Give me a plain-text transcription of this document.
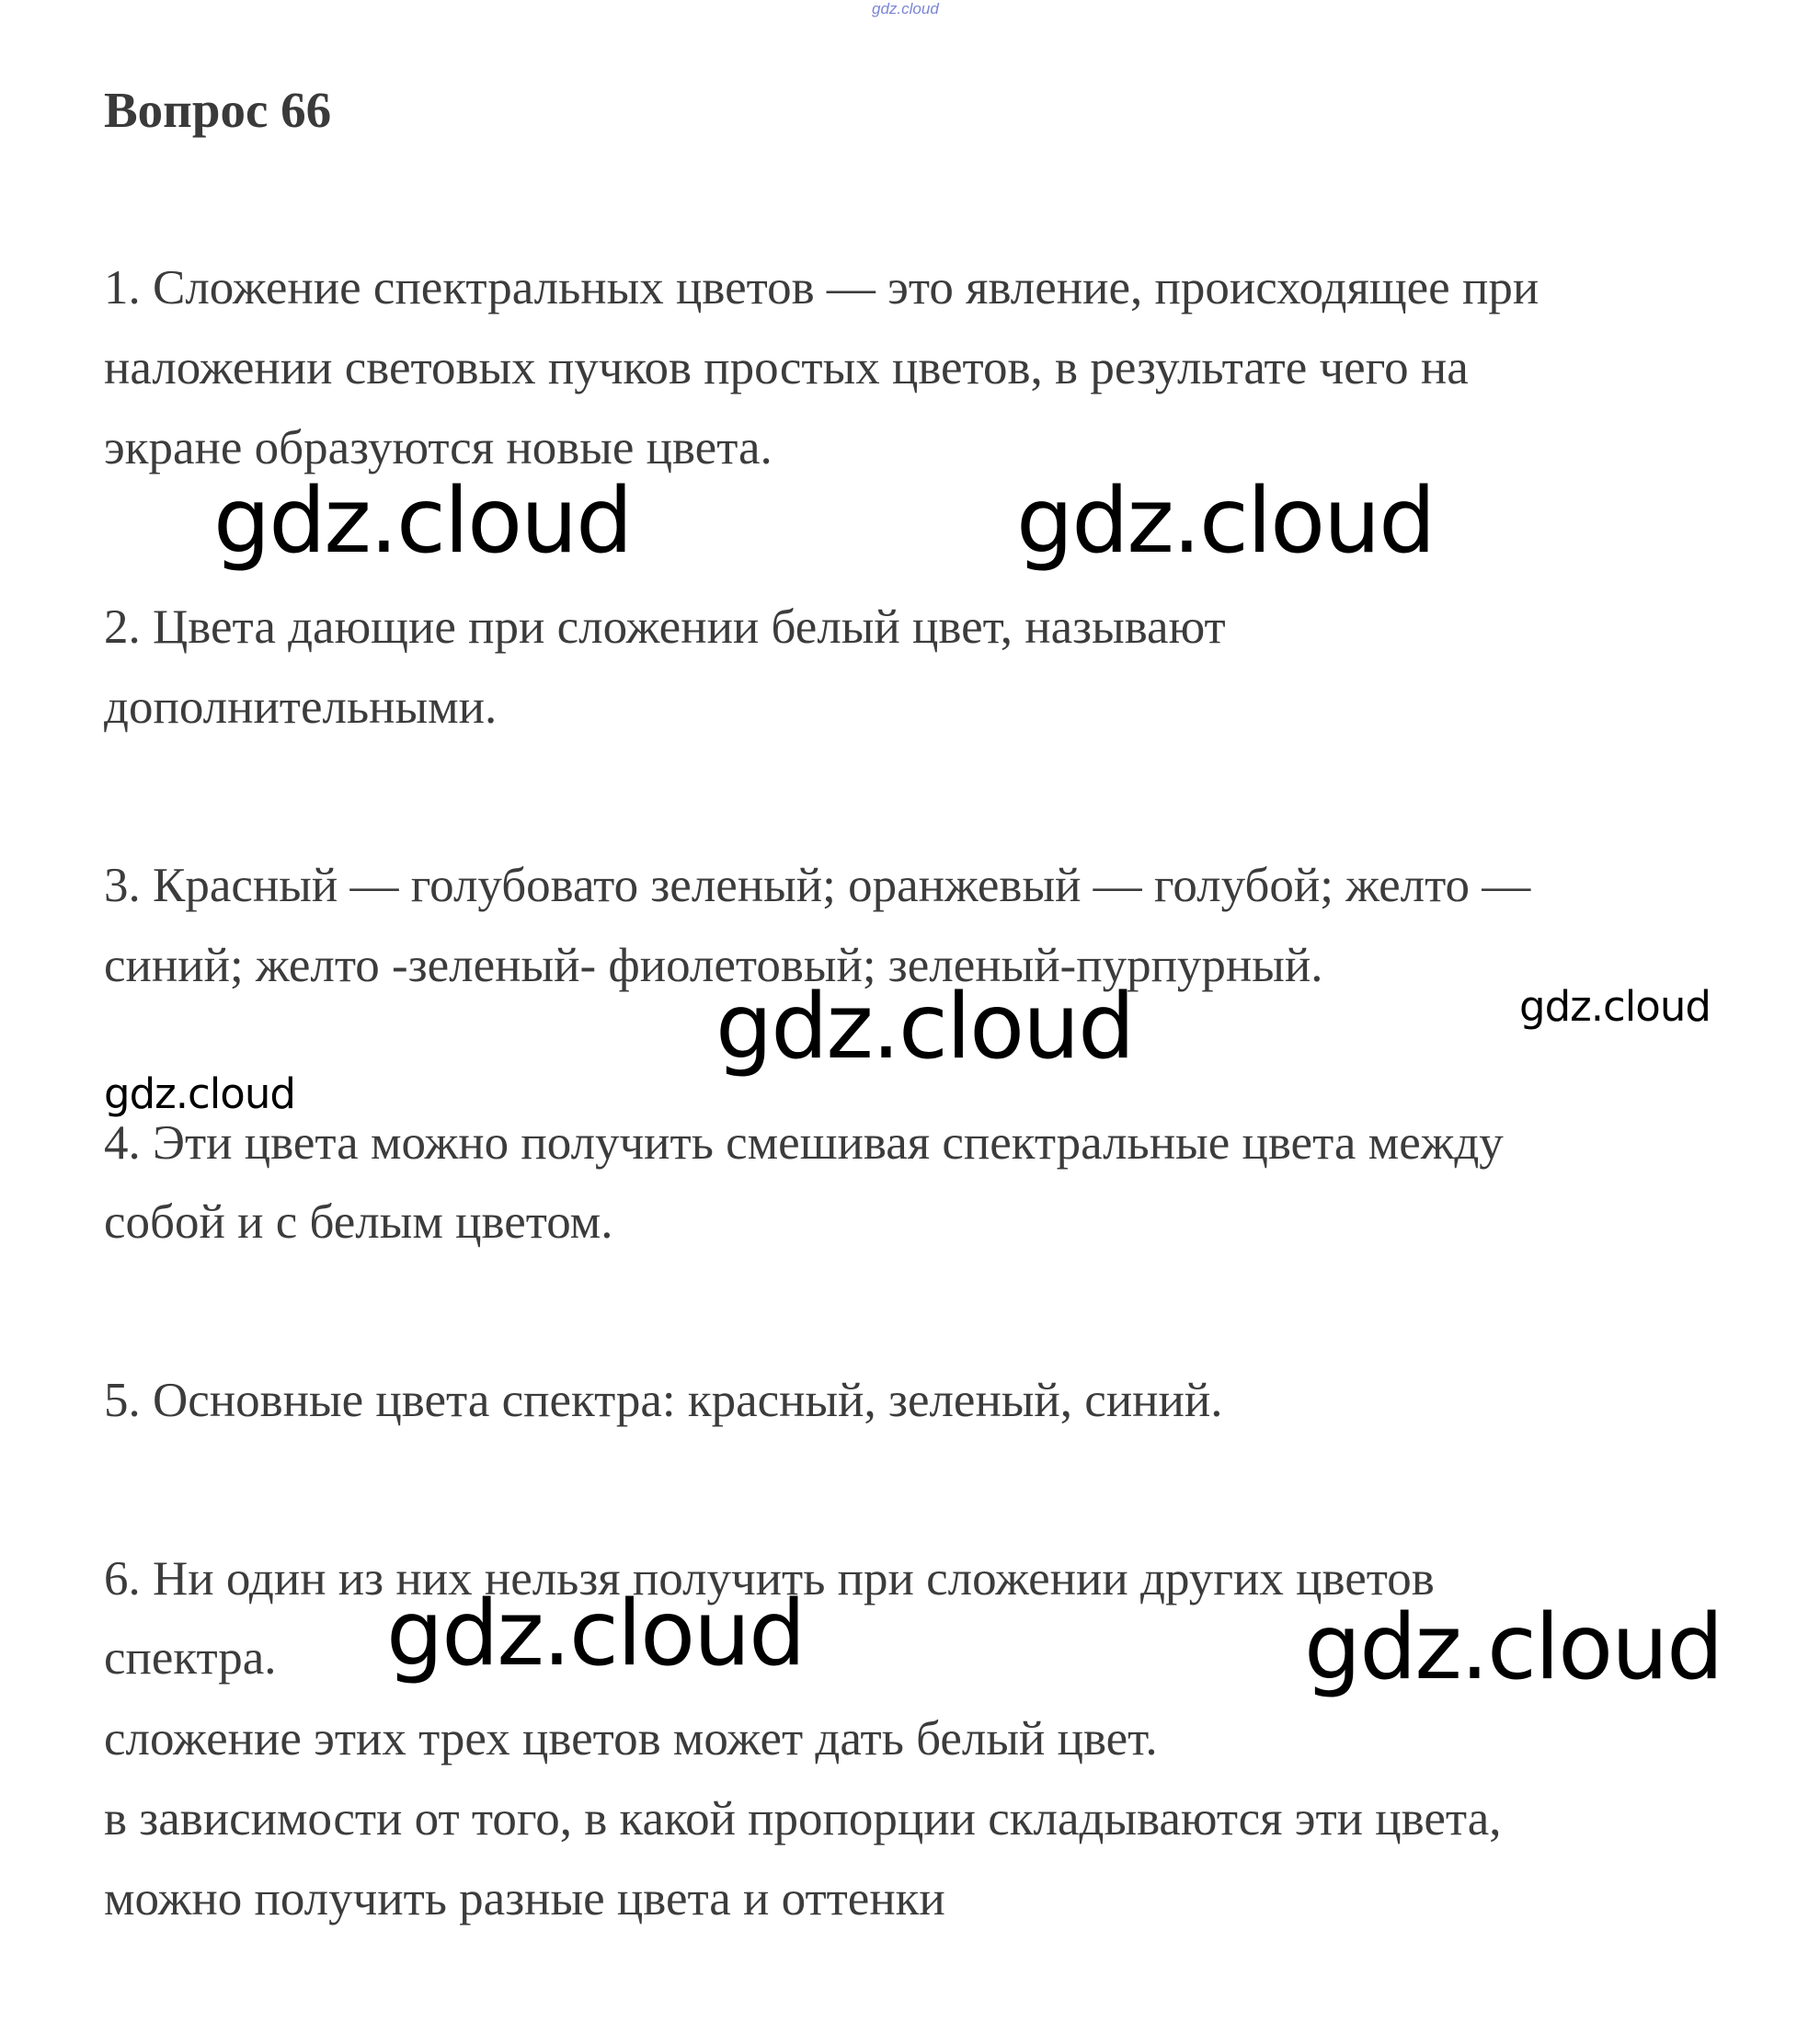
gdz.cloud
Вопрос 66

1. Сложение спектральных цветов — это явление, происходящее при

наложении световых пучков простых цветов, в результате чего на

экране образуются новые цвета.

2. Цвета дающие при сложении белый цвет, называют

дополнительными.

3. Красный — голубовато зеленый; оранжевый — голубой; желто —

синий; желто -зеленый- фиолетовый; зеленый-пурпурный.

4. Эти цвета можно получить смешивая спектральные цвета между

собой и с белым цветом.

5. Основные цвета спектра: красный, зеленый, синий.

6. Ни один из них нельзя получить при сложении других цветов

спектра.

сложение этих трех цветов может дать белый цвет.

в зависимости от того, в какой пропорции складываются эти цвета,

можно получить разные цвета и оттенки

gdz.cloud	gdz.cloud
gdz.cloud	gdz.cloud
gdz.cloud
gdz.cloud	gdz.cloud
